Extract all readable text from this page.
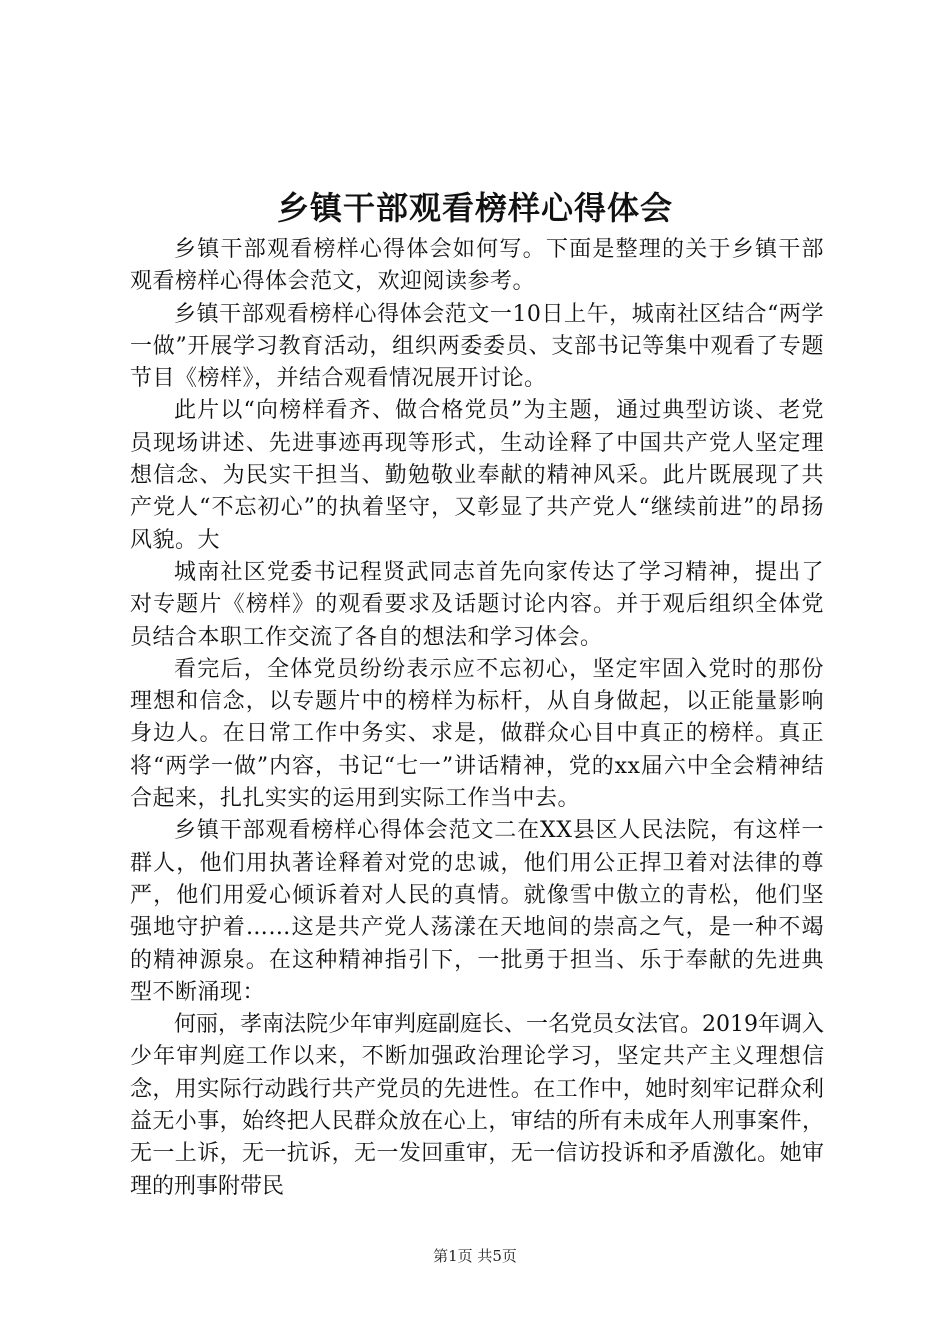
乡镇干部观看榜样心得体会

乡镇干部观看榜样心得体会如何写。下面是整理的关于乡镇干部观看榜样心得体会范文，欢迎阅读参考。

乡镇干部观看榜样心得体会范文一10日上午，城南社区结合“两学一做”开展学习教育活动，组织两委委员、支部书记等集中观看了专题节目《榜样》，并结合观看情况展开讨论。

此片以“向榜样看齐、做合格党员”为主题，通过典型访谈、老党员现场讲述、先进事迹再现等形式，生动诠释了中国共产党人坚定理想信念、为民实干担当、勤勉敬业奉献的精神风采。此片既展现了共产党人“不忘初心”的执着坚守，又彰显了共产党人“继续前进”的昂扬风貌。大

城南社区党委书记程贤武同志首先向家传达了学习精神，提出了对专题片《榜样》的观看要求及话题讨论内容。并于观后组织全体党员结合本职工作交流了各自的想法和学习体会。

看完后，全体党员纷纷表示应不忘初心，坚定牢固入党时的那份理想和信念，以专题片中的榜样为标杆，从自身做起，以正能量影响身边人。在日常工作中务实、求是，做群众心目中真正的榜样。真正将“两学一做”内容，书记“七一”讲话精神，党的xx届六中全会精神结合起来，扎扎实实的运用到实际工作当中去。

乡镇干部观看榜样心得体会范文二在XX县区人民法院，有这样一群人，他们用执著诠释着对党的忠诚，他们用公正捍卫着对法律的尊严，他们用爱心倾诉着对人民的真情。就像雪中傲立的青松，他们坚强地守护着……这是共产党人荡漾在天地间的崇高之气，是一种不竭的精神源泉。在这种精神指引下，一批勇于担当、乐于奉献的先进典型不断涌现：

何丽，孝南法院少年审判庭副庭长、一名党员女法官。2019年调入少年审判庭工作以来，不断加强政治理论学习，坚定共产主义理想信念，用实际行动践行共产党员的先进性。在工作中，她时刻牢记群众利益无小事，始终把人民群众放在心上，审结的所有未成年人刑事案件，无一上诉，无一抗诉，无一发回重审，无一信访投诉和矛盾激化。她审理的刑事附带民

第1页 共5页
